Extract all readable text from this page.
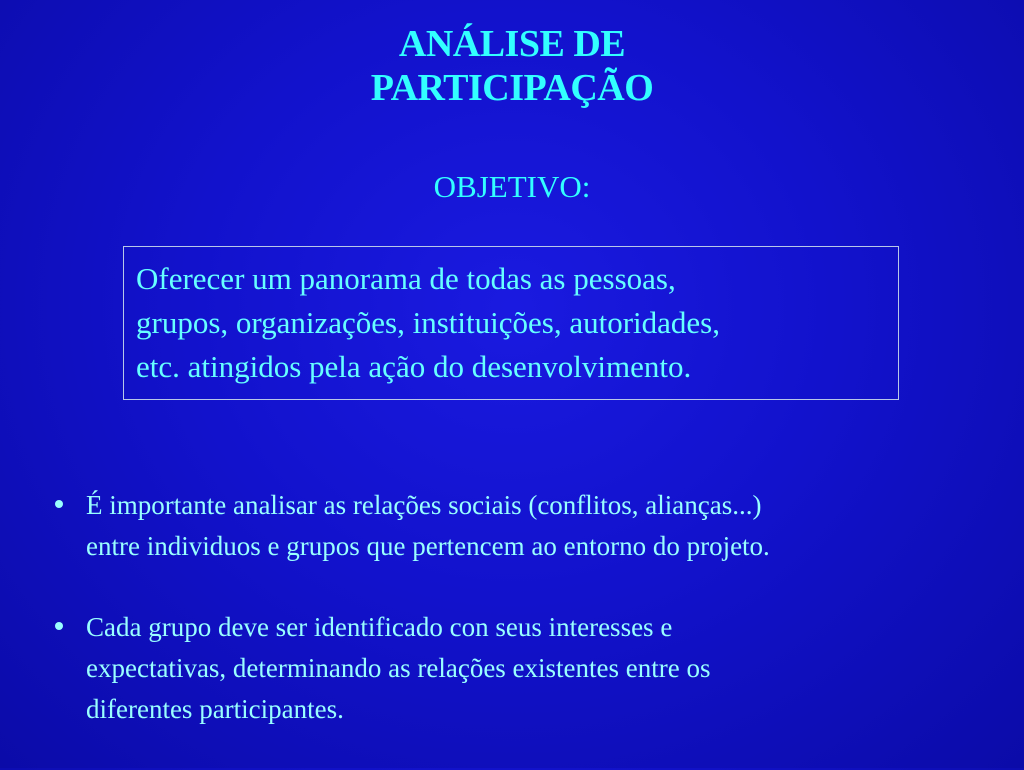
ANÁLISE DE
PARTICIPAÇÃO
OBJETIVO:
Oferecer um panorama de todas as pessoas,
grupos, organizações, instituições, autoridades,
etc. atingidos pela ação do desenvolvimento.
É importante analisar as relações sociais (conflitos, alianças...)
entre individuos e grupos que pertencem ao entorno do projeto.
Cada grupo deve ser identificado con seus interesses e
expectativas, determinando as relações existentes entre os
diferentes participantes.
